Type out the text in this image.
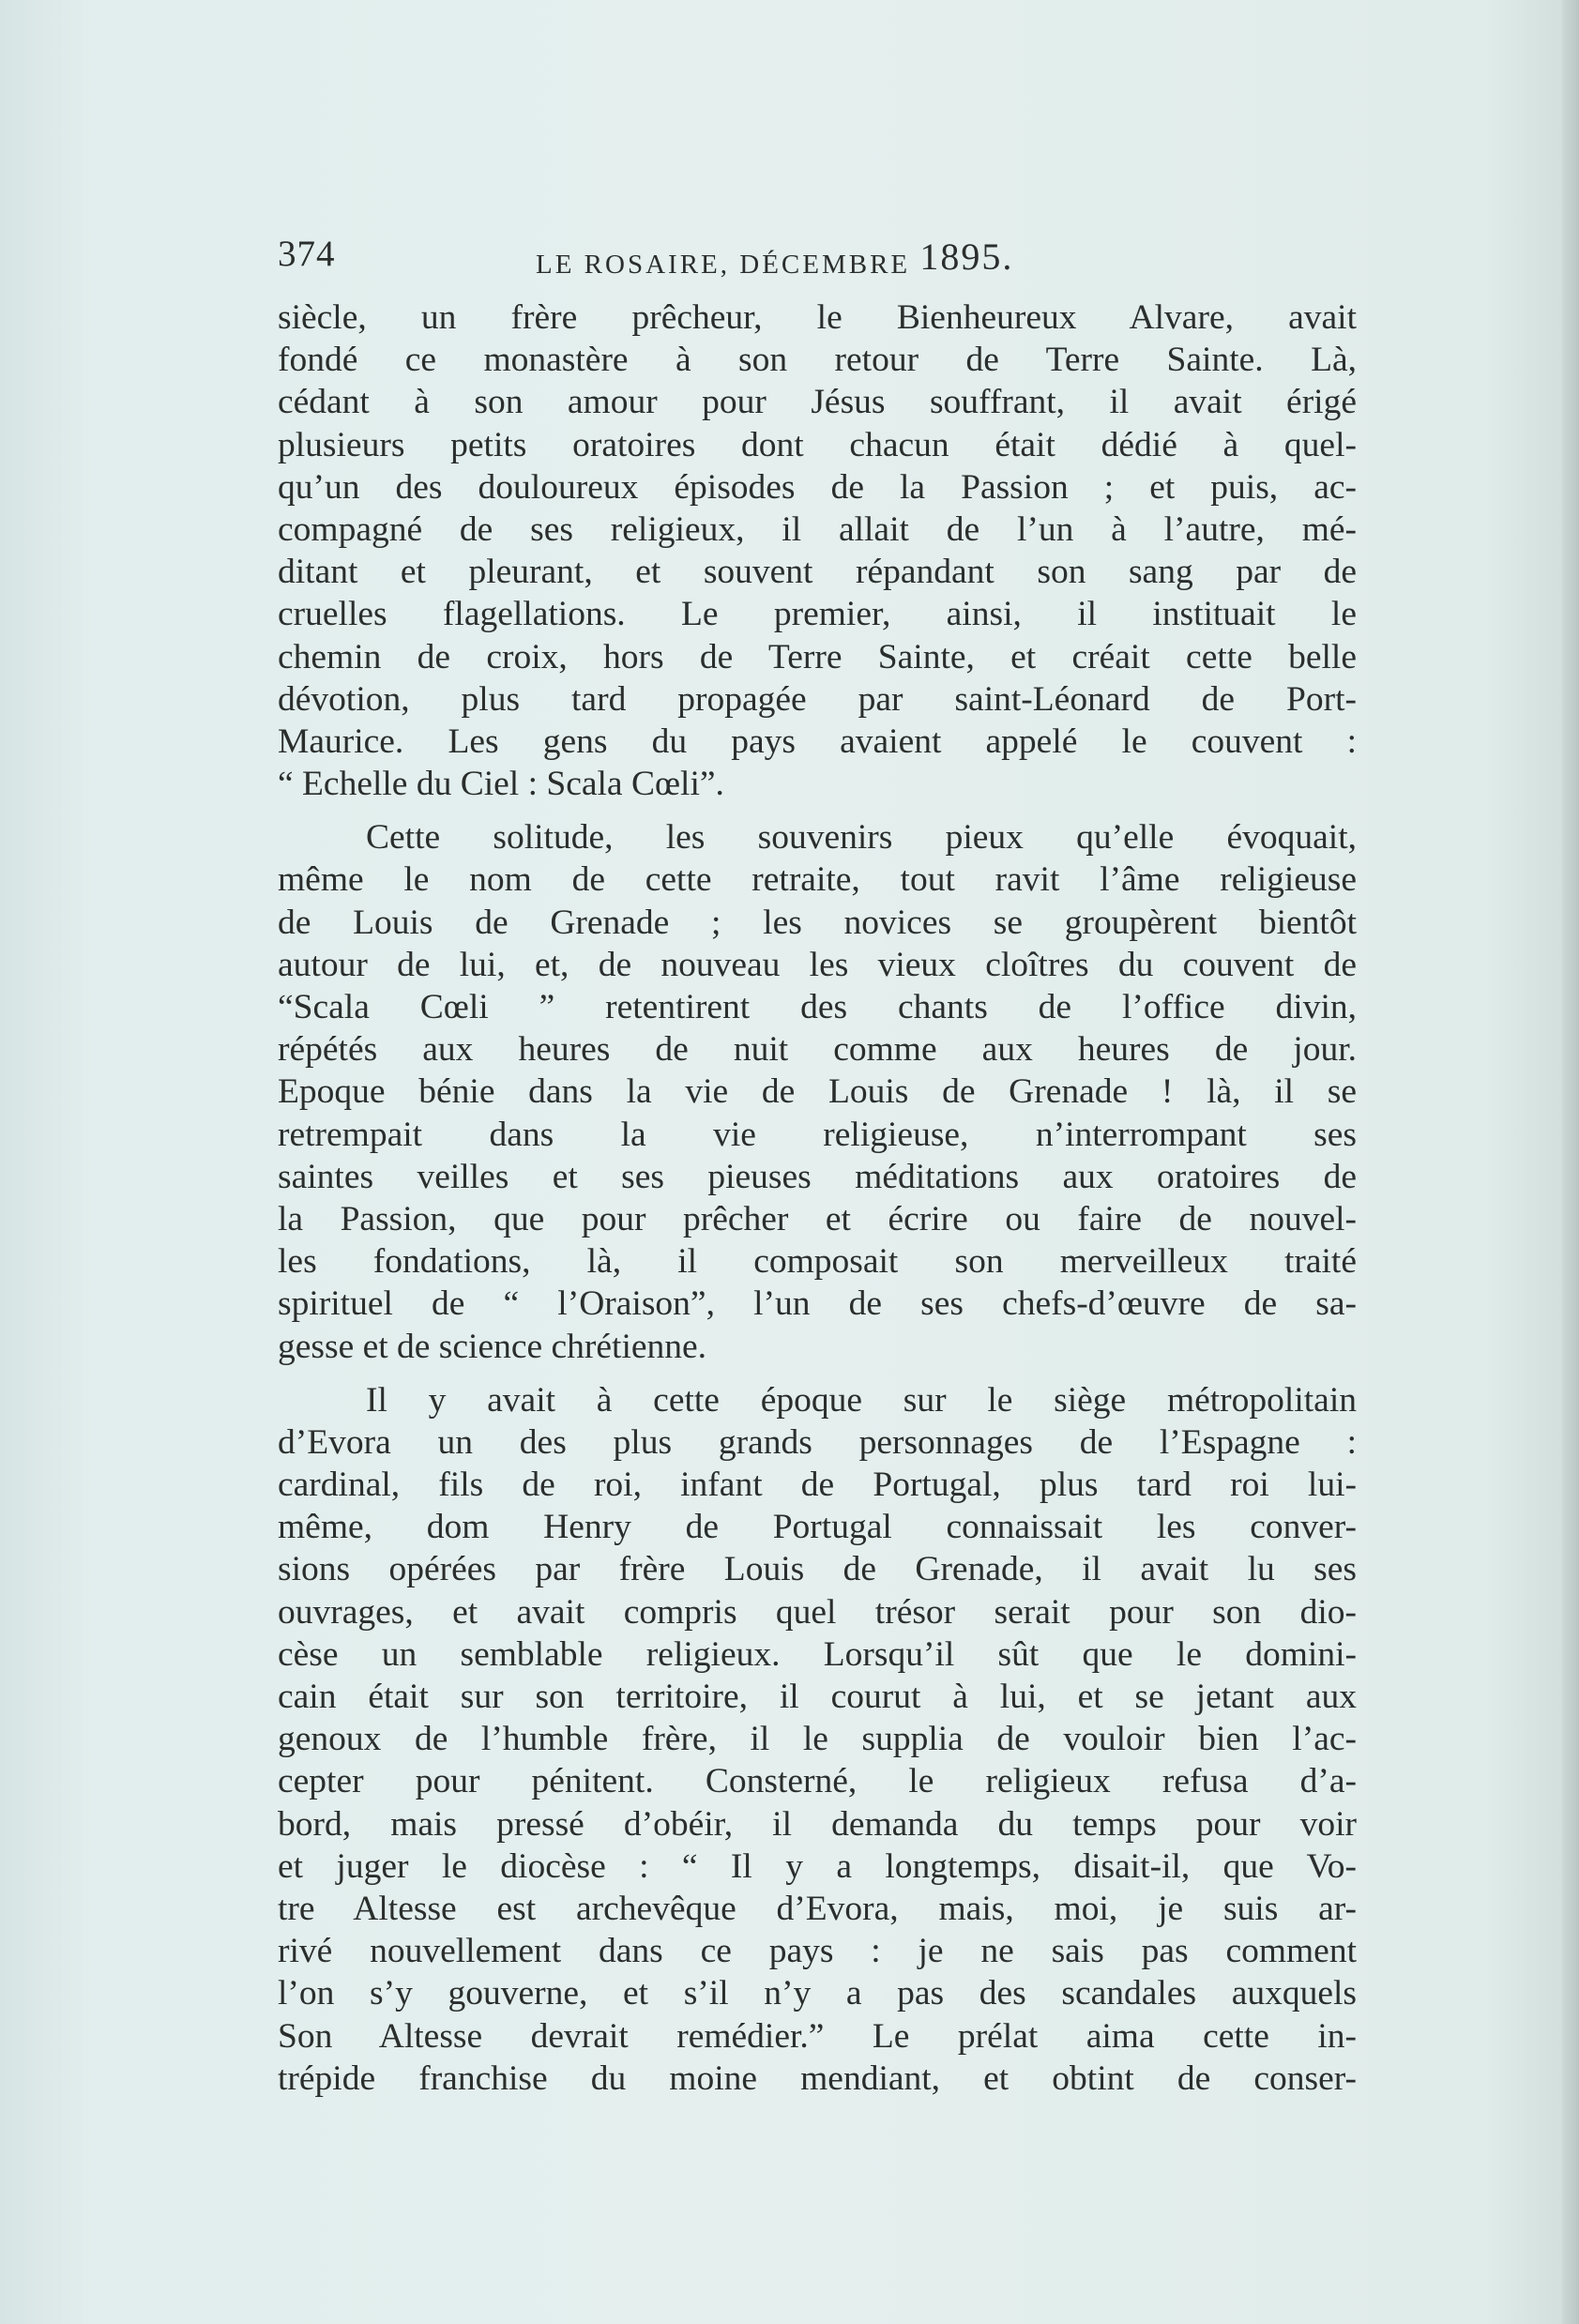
374	LE ROSAIRE, DÉCEMBRE 1895.
siècle, un frère prêcheur, le Bienheureux Alvare, avait
fondé ce monastère à son retour de Terre Sainte. Là,
cédant à son amour pour Jésus souffrant, il avait érigé
plusieurs petits oratoires dont chacun était dédié à quel-
qu’un des douloureux épisodes de la Passion ; et puis, ac-
compagné de ses religieux, il allait de l’un à l’autre, mé-
ditant et pleurant, et souvent répandant son sang par de
cruelles flagellations. Le premier, ainsi, il instituait le
chemin de croix, hors de Terre Sainte, et créait cette belle
dévotion, plus tard propagée par saint-Léonard de Port-
Maurice. Les gens du pays avaient appelé le couvent :
“ Echelle du Ciel : Scala Cœli”.
Cette solitude, les souvenirs pieux qu’elle évoquait,
même le nom de cette retraite, tout ravit l’âme religieuse
de Louis de Grenade ; les novices se groupèrent bientôt
autour de lui, et, de nouveau les vieux cloîtres du couvent de
“Scala Cœli ” retentirent des chants de l’office divin,
répétés aux heures de nuit comme aux heures de jour.
Epoque bénie dans la vie de Louis de Grenade ! là, il se
retrempait dans la vie religieuse, n’interrompant ses
saintes veilles et ses pieuses méditations aux oratoires de
la Passion, que pour prêcher et écrire ou faire de nouvel-
les fondations, là, il composait son merveilleux traité
spirituel de “ l’Oraison”, l’un de ses chefs-d’œuvre de sa-
gesse et de science chrétienne.
Il y avait à cette époque sur le siège métropolitain
d’Evora un des plus grands personnages de l’Espagne :
cardinal, fils de roi, infant de Portugal, plus tard roi lui-
même, dom Henry de Portugal connaissait les conver-
sions opérées par frère Louis de Grenade, il avait lu ses
ouvrages, et avait compris quel trésor serait pour son dio-
cèse un semblable religieux. Lorsqu’il sût que le domini-
cain était sur son territoire, il courut à lui, et se jetant aux
genoux de l’humble frère, il le supplia de vouloir bien l’ac-
cepter pour pénitent. Consterné, le religieux refusa d’a-
bord, mais pressé d’obéir, il demanda du temps pour voir
et juger le diocèse : “ Il y a longtemps, disait-il, que Vo-
tre Altesse est archevêque d’Evora, mais, moi, je suis ar-
rivé nouvellement dans ce pays : je ne sais pas comment
l’on s’y gouverne, et s’il n’y a pas des scandales auxquels
Son Altesse devrait remédier.” Le prélat aima cette in-
trépide franchise du moine mendiant, et obtint de conser-
